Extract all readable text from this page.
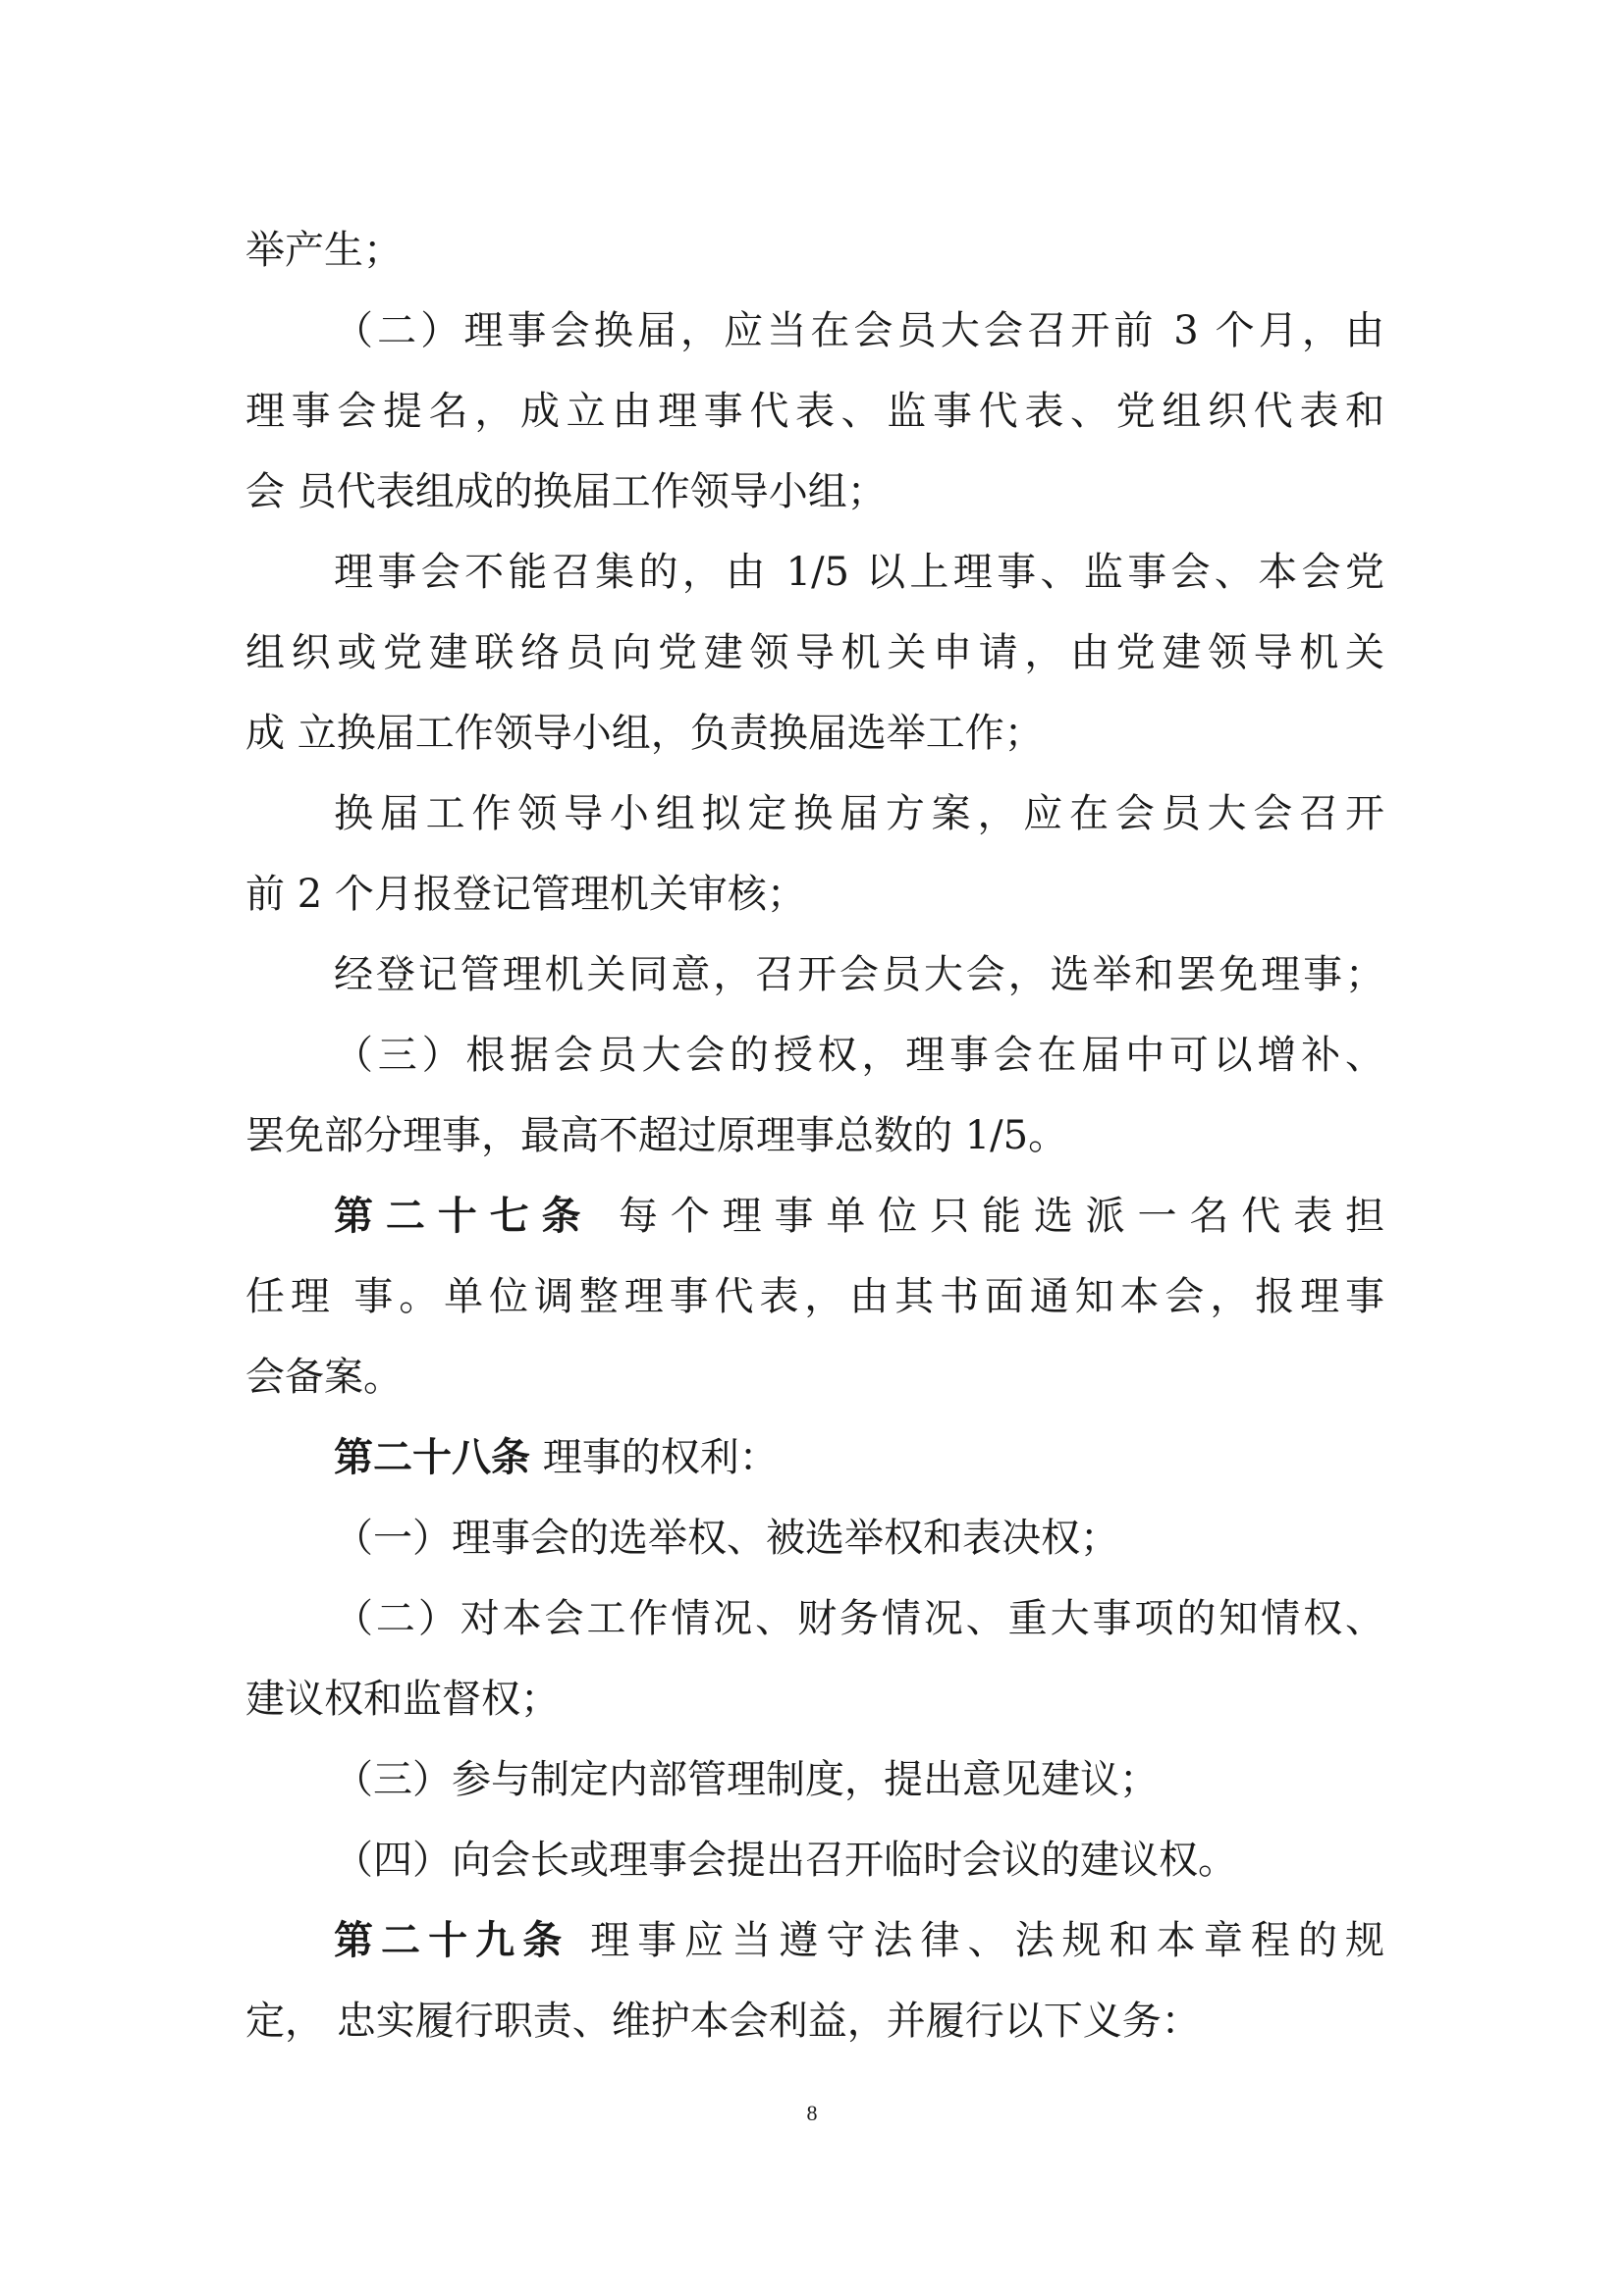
举产生；
（二）理事会换届，应当在会员大会召开前 3 个月，由
理事会提名，成立由理事代表、监事代表、党组织代表和
会 员代表组成的换届工作领导小组；
理事会不能召集的，由 1/5 以上理事、监事会、本会党
组织或党建联络员向党建领导机关申请，由党建领导机关
成 立换届工作领导小组，负责换届选举工作；
换届工作领导小组拟定换届方案，应在会员大会召开
前 2 个月报登记管理机关审核；
经登记管理机关同意，召开会员大会，选举和罢免理事；
（三）根据会员大会的授权，理事会在届中可以增补、
罢免部分理事，最高不超过原理事总数的 1/5。
第二十七条 每个理事单位只能选派一名代表担
任理 事。单位调整理事代表，由其书面通知本会，报理事
会备案。
第二十八条 理事的权利：
（一）理事会的选举权、被选举权和表决权；
（二）对本会工作情况、财务情况、重大事项的知情权、
建议权和监督权；
（三）参与制定内部管理制度，提出意见建议；
（四）向会长或理事会提出召开临时会议的建议权。
第二十九条 理事应当遵守法律、法规和本章程的规
定， 忠实履行职责、维护本会利益，并履行以下义务：
8
